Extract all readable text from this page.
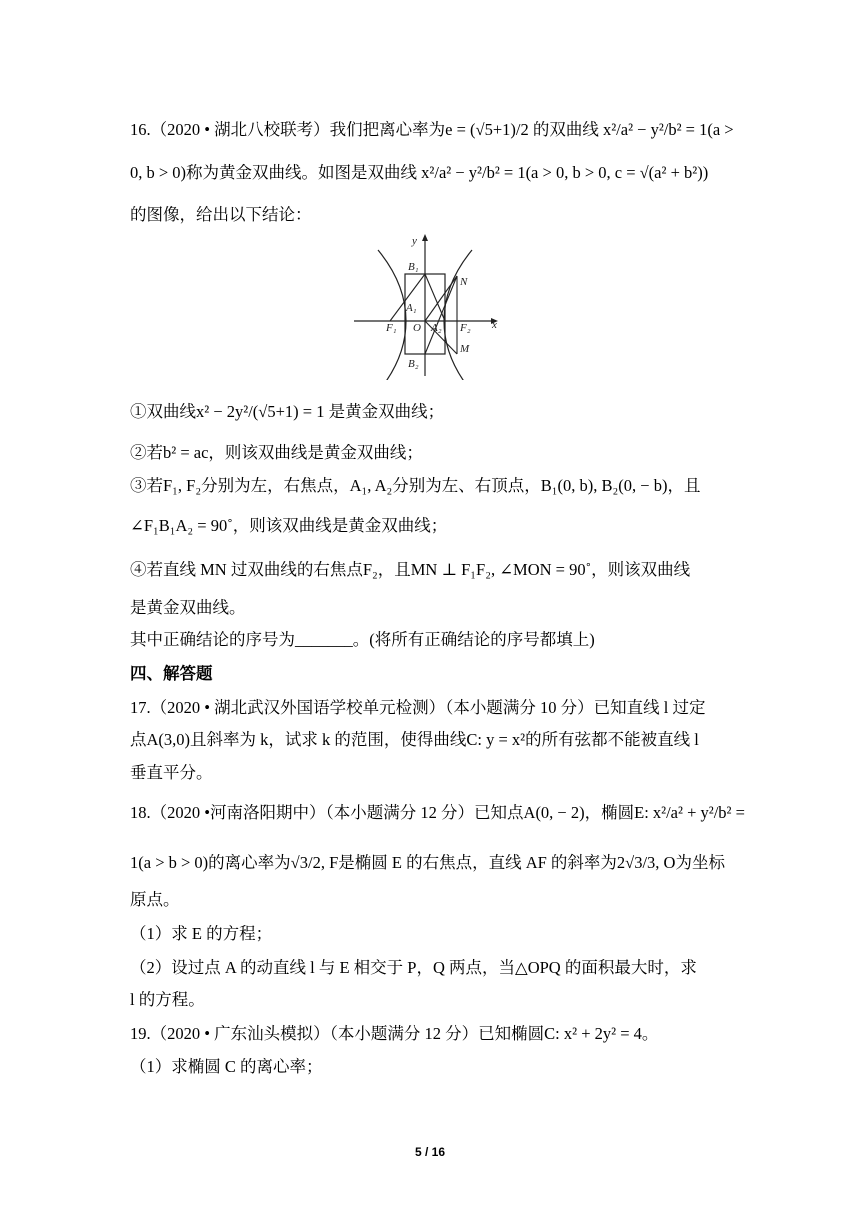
16.（2020 • 湖北八校联考）我们把离心率为e = (√5+1)/2 的双曲线 x²/a² − y²/b² = 1(a >
0, b > 0)称为黄金双曲线。如图是双曲线 x²/a² − y²/b² = 1(a > 0, b > 0, c = √(a² + b²))
的图像，给出以下结论：
y
x
B₁
B₂
A₁
A₂
O
F₁	F₂
N
M
①双曲线x² − 2y²/(√5+1) = 1 是黄金双曲线；
②若b² = ac，则该双曲线是黄金双曲线；
③若F₁, F₂分别为左，右焦点，A₁, A₂分别为左、右顶点，B₁(0, b), B₂(0, − b)，且
∠F₁B₁A₂ = 90˚，则该双曲线是黄金双曲线；
④若直线 MN 过双曲线的右焦点F₂，且MN ⊥ F₁F₂, ∠MON = 90˚，则该双曲线
是黄金双曲线。
其中正确结论的序号为_______。(将所有正确结论的序号都填上)
四、解答题
17.（2020 • 湖北武汉外国语学校单元检测）（本小题满分 10 分）已知直线 l 过定
点A(3,0)且斜率为 k，试求 k 的范围，使得曲线C: y = x²的所有弦都不能被直线 l
垂直平分。
18.（2020 •河南洛阳期中）（本小题满分 12 分）已知点A(0, − 2)，椭圆E: x²/a² + y²/b² =
1(a > b > 0)的离心率为√3/2, F是椭圆 E 的右焦点，直线 AF 的斜率为2√3/3, O为坐标
原点。
（1）求 E 的方程；
（2）设过点 A 的动直线 l 与 E 相交于 P，Q 两点，当△OPQ 的面积最大时，求
l 的方程。
19.（2020 • 广东汕头模拟）（本小题满分 12 分）已知椭圆C: x² + 2y² = 4。
（1）求椭圆 C 的离心率；
5 / 16
